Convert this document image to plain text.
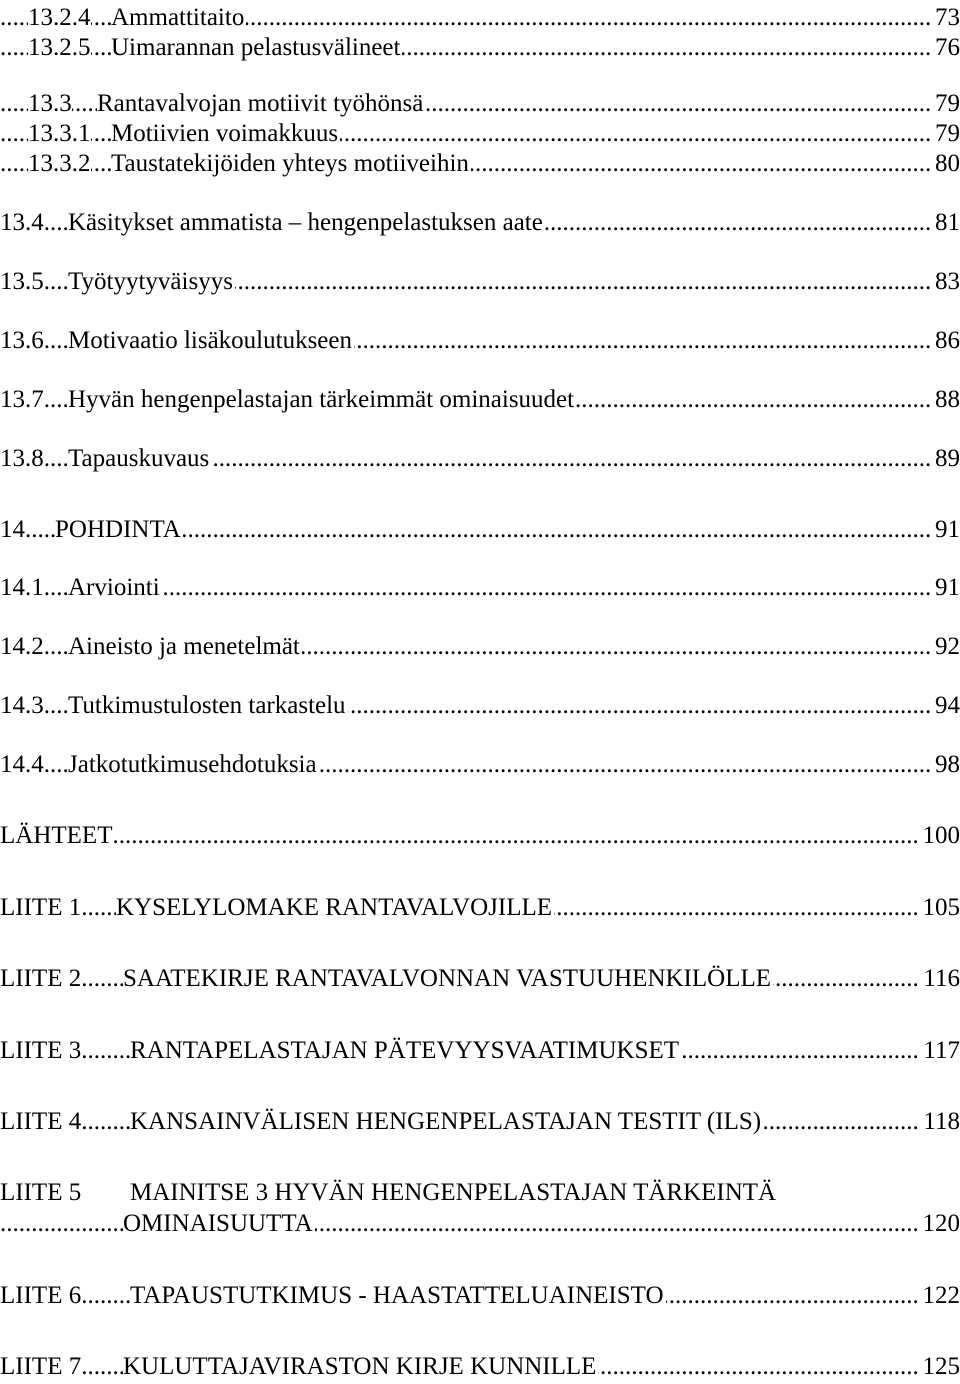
.....
13.2.4 Ammattitaito	73
.....
13.2.5 Uimarannan pelastusvälineet	76
.....
13.3 Rantavalvojan motiivit työhönsä	79
.....
13.3.1 Motiivien voimakkuus	79
.....
13.3.2 Taustatekijöiden yhteys motiiveihin	80
.....
13.4 Käsitykset ammatista – hengenpelastuksen aate	81
.....
13.5 Työtyytyväisyys	83
.....
13.6 Motivaatio lisäkoulutukseen	86
.....
13.7 Hyvän hengenpelastajan tärkeimmät ominaisuudet	88
.....
13.8 Tapauskuvaus	89
.....
14 POHDINTA	91
.....
14.1 Arviointi	91
.....
14.2 Aineisto ja menetelmät	92
.....
14.3 Tutkimustulosten tarkastelu	94
.....
14.4 Jatkotutkimusehdotuksia	98
.....
LÄHTEET	100
.....
LIITE 1 KYSELYLOMAKE RANTAVALVOJILLE	105
.....
LIITE 2 SAATEKIRJE RANTAVALVONNAN VASTUUHENKILÖLLE	116
.....
LIITE 3 RANTAPELASTAJAN PÄTEVYYSVAATIMUKSET	117
.....
LIITE 4 KANSAINVÄLISEN HENGENPELASTAJAN TESTIT (ILS)	118
LIITE 5 MAINITSE 3 HYVÄN HENGENPELASTAJAN TÄRKEINTÄ
.....
OMINAISUUTTA	120
.....
LIITE 6 TAPAUSTUTKIMUS - HAASTATTELUAINEISTO	122
.....
LIITE 7 KULUTTAJAVIRASTON KIRJE KUNNILLE	125
